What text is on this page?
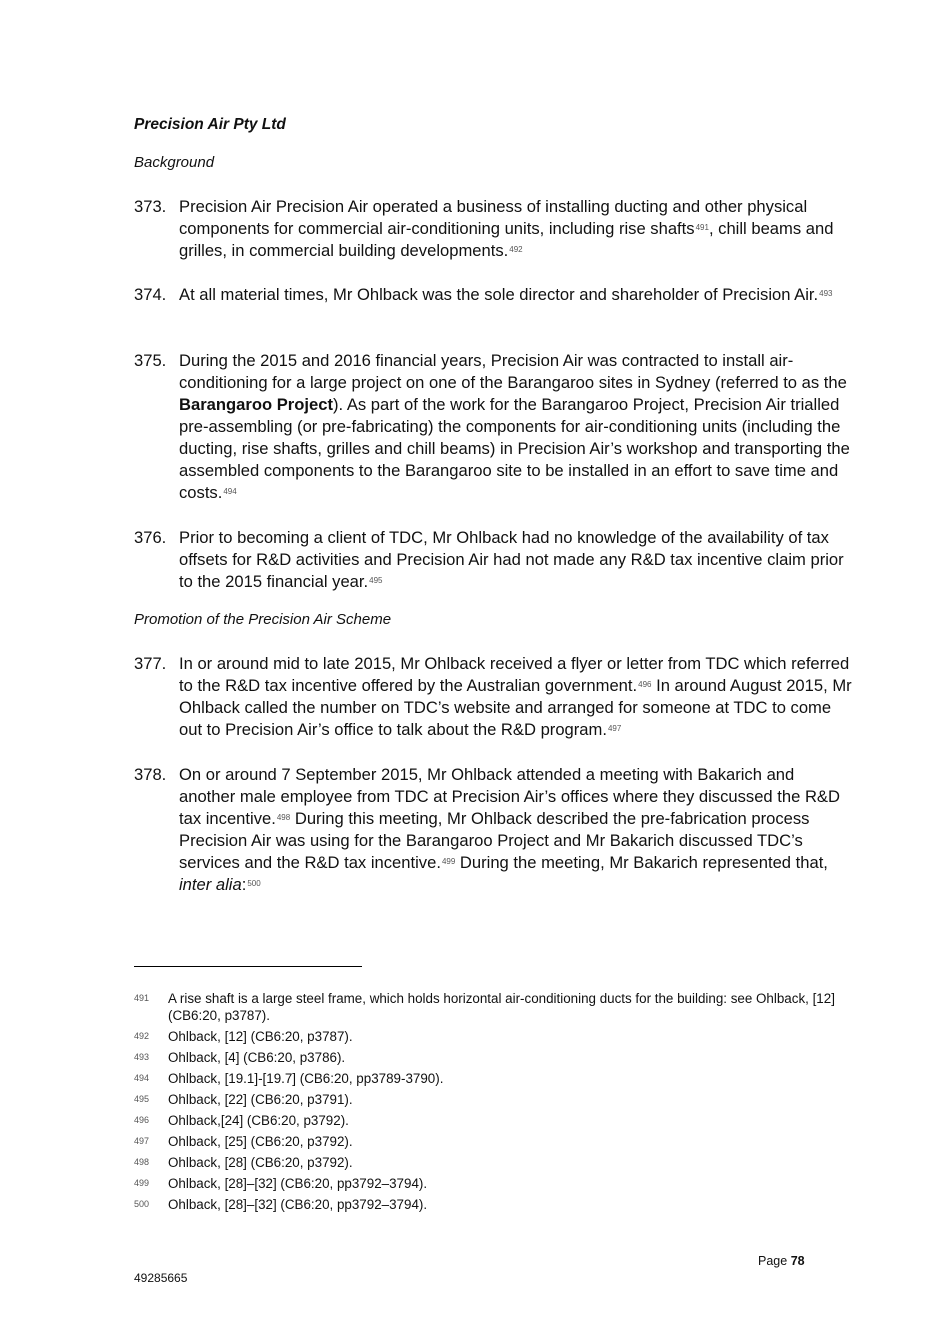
Precision Air Pty Ltd

Background

373. Precision Air Precision Air operated a business of installing ducting and other physical components for commercial air-conditioning units, including rise shafts$^{491}$, chill beams and grilles, in commercial building developments.$^{492}$
374. At all material times, Mr Ohlback was the sole director and shareholder of Precision Air.$^{493}$
375. During the 2015 and 2016 financial years, Precision Air was contracted to install air-conditioning for a large project on one of the Barangaroo sites in Sydney (referred to as the Barangaroo Project). As part of the work for the Barangaroo Project, Precision Air trialled pre-assembling (or pre-fabricating) the components for air-conditioning units (including the ducting, rise shafts, grilles and chill beams) in Precision Air’s workshop and transporting the assembled components to the Barangaroo site to be installed in an effort to save time and costs.$^{494}$
376. Prior to becoming a client of TDC, Mr Ohlback had no knowledge of the availability of tax offsets for R&D activities and Precision Air had not made any R&D tax incentive claim prior to the 2015 financial year.$^{495}$

Promotion of the Precision Air Scheme

377. In or around mid to late 2015, Mr Ohlback received a flyer or letter from TDC which referred to the R&D tax incentive offered by the Australian government.$^{496}$ In around August 2015, Mr Ohlback called the number on TDC’s website and arranged for someone at TDC to come out to Precision Air’s office to talk about the R&D program.$^{497}$
378. On or around 7 September 2015, Mr Ohlback attended a meeting with Bakarich and another male employee from TDC at Precision Air’s offices where they discussed the R&D tax incentive.$^{498}$ During this meeting, Mr Ohlback described the pre-fabrication process Precision Air was using for the Barangaroo Project and Mr Bakarich discussed TDC’s services and the R&D tax incentive.$^{499}$ During the meeting, Mr Bakarich represented that, inter alia:$^{500}$
491 A rise shaft is a large steel frame, which holds horizontal air-conditioning ducts for the building: see Ohlback, [12] (CB6:20, p3787).
492 Ohlback, [12] (CB6:20, p3787).
493 Ohlback, [4] (CB6:20, p3786).
494 Ohlback, [19.1]-[19.7] (CB6:20, pp3789-3790).
495 Ohlback, [22] (CB6:20, p3791).
496 Ohlback,[24] (CB6:20, p3792).
497 Ohlback, [25] (CB6:20, p3792).
498 Ohlback, [28] (CB6:20, p3792).
499 Ohlback, [28]–[32] (CB6:20, pp3792–3794).
500 Ohlback, [28]–[32] (CB6:20, pp3792–3794).
Page 78
49285665
